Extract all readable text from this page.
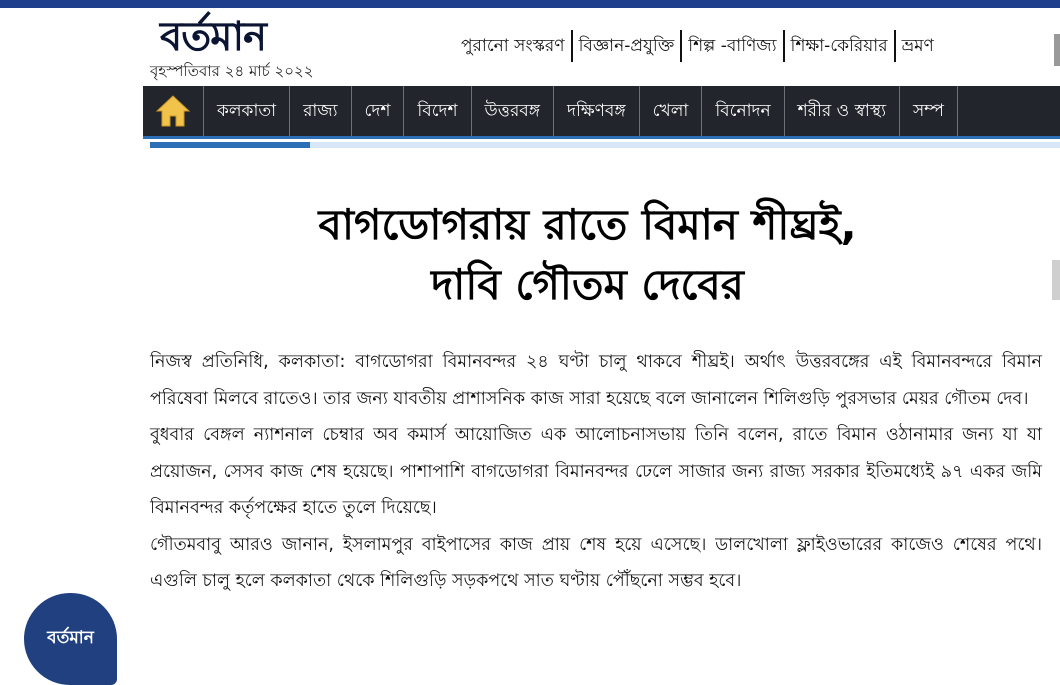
বর্তমান
বৃহস্পতিবার ২৪ মার্চ ২০২২
পুরানো সংস্করণ বিজ্ঞান-প্রযুক্তি শিল্প -বাণিজ্য শিক্ষা-কেরিয়ার ভ্রমণ
কলকাতা	রাজ্য	দেশ	বিদেশ	উত্তরবঙ্গ	দক্ষিণবঙ্গ	খেলা	বিনোদন	শরীর ও স্বাস্থ্য	সম্প
বাগডোগরায় রাতে বিমান শীঘ্রই,
দাবি গৌতম দেবের

নিজস্ব প্রতিনিধি, কলকাতা: বাগডোগরা বিমানবন্দর ২৪ ঘণ্টা চালু থাকবে শীঘ্রই। অর্থাৎ উত্তরবঙ্গের এই বিমানবন্দরে বিমান পরিষেবা মিলবে রাতেও। তার জন্য যাবতীয় প্রাশাসনিক কাজ সারা হয়েছে বলে জানালেন শিলিগুড়ি পুরসভার মেয়র গৌতম দেব।

বুধবার বেঙ্গল ন্যাশনাল চেম্বার অব কমার্স আয়োজিত এক আলোচনাসভায় তিনি বলেন, রাতে বিমান ওঠানামার জন্য যা যা প্রয়োজন, সেসব কাজ শেষ হয়েছে। পাশাপাশি বাগডোগরা বিমানবন্দর ঢেলে সাজার জন্য রাজ্য সরকার ইতিমধ্যেই ৯৭ একর জমি বিমানবন্দর কর্তৃপক্ষের হাতে তুলে দিয়েছে।

গৌতমবাবু আরও জানান, ইসলামপুর বাইপাসের কাজ প্রায় শেষ হয়ে এসেছে। ডালখোলা ফ্লাইওভারের কাজেও শেষের পথে। এগুলি চালু হলে কলকাতা থেকে শিলিগুড়ি সড়কপথে সাত ঘণ্টায় পৌঁছনো সম্ভব হবে।

বর্তমান
